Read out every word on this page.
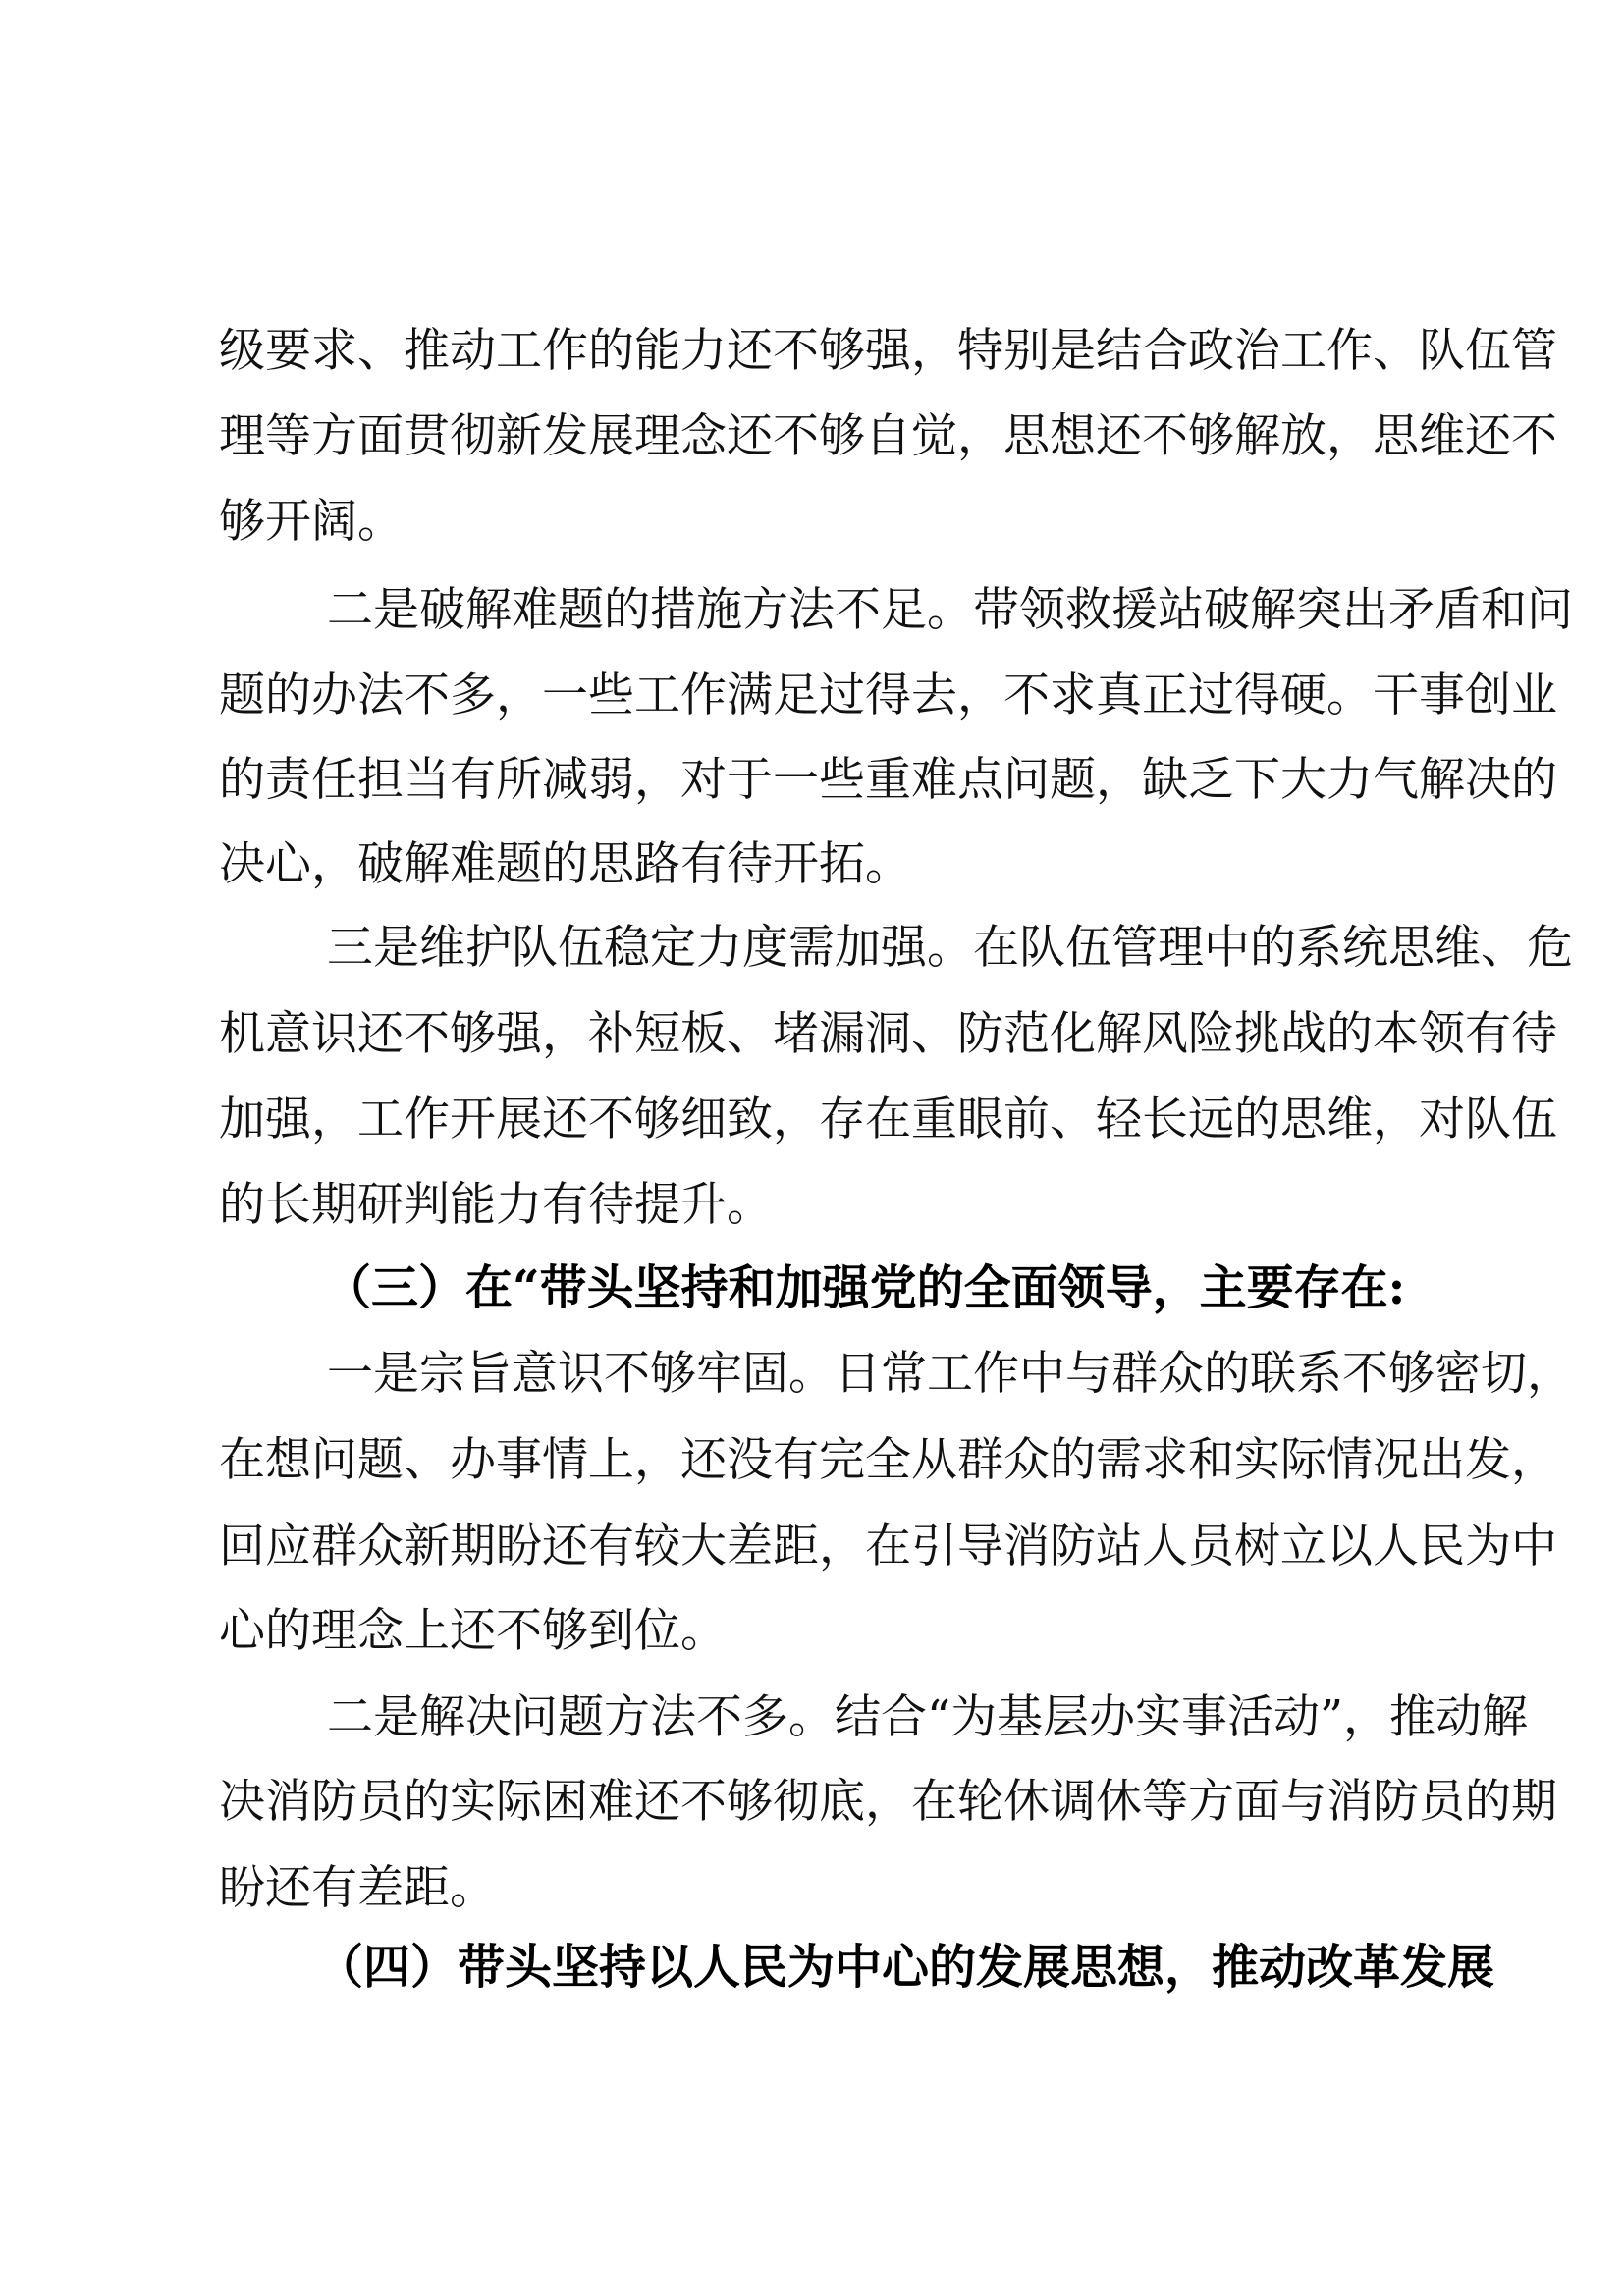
级要求、推动工作的能力还不够强，特别是结合政治工作、队伍管
理等方面贯彻新发展理念还不够自觉，思想还不够解放，思维还不
够开阔。
二是破解难题的措施方法不足。带领救援站破解突出矛盾和问
题的办法不多，一些工作满足过得去，不求真正过得硬。干事创业
的责任担当有所减弱，对于一些重难点问题，缺乏下大力气解决的
决心，破解难题的思路有待开拓。
三是维护队伍稳定力度需加强。在队伍管理中的系统思维、危
机意识还不够强，补短板、堵漏洞、防范化解风险挑战的本领有待
加强，工作开展还不够细致，存在重眼前、轻长远的思维，对队伍
的长期研判能力有待提升。
（三）在“带头坚持和加强党的全面领导，主要存在:
一是宗旨意识不够牢固。日常工作中与群众的联系不够密切，
在想问题、办事情上，还没有完全从群众的需求和实际情况出发，
回应群众新期盼还有较大差距，在引导消防站人员树立以人民为中
心的理念上还不够到位。
二是解决问题方法不多。结合“为基层办实事活动”，推动解
决消防员的实际困难还不够彻底，在轮休调休等方面与消防员的期
盼还有差距。
（四）带头坚持以人民为中心的发展思想，推动改革发展
